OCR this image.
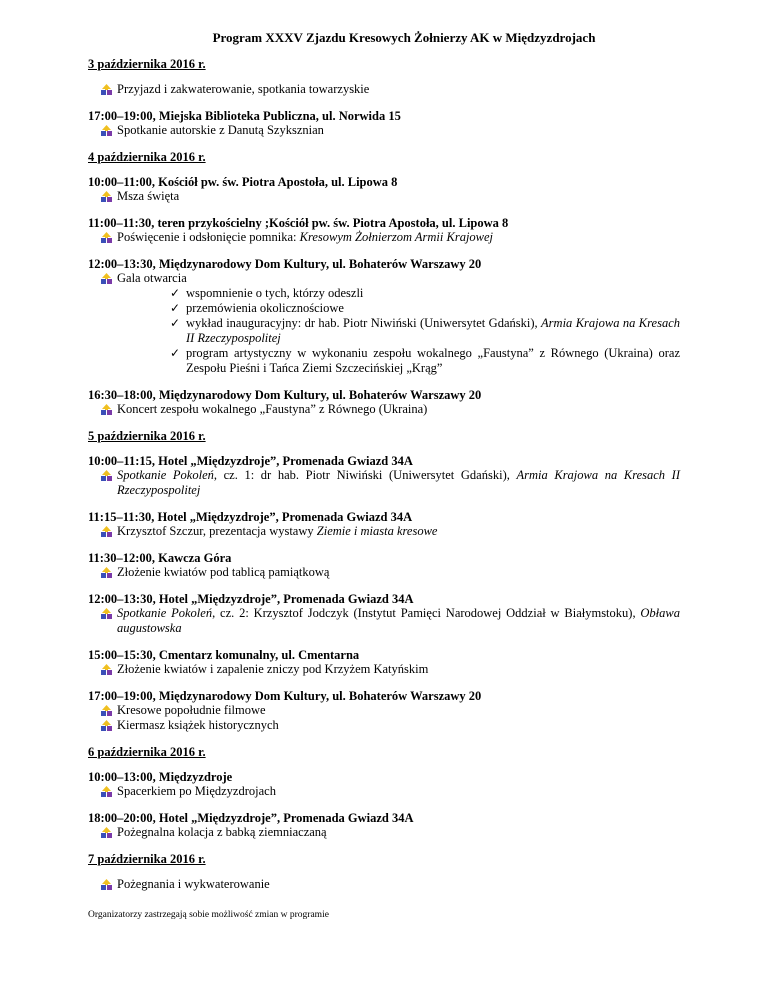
Program XXXV Zjazdu Kresowych Żołnierzy AK w Międzyzdrojach
3 października 2016 r.
Przyjazd i zakwaterowanie, spotkania towarzyskie
17:00–19:00, Miejska Biblioteka Publiczna, ul. Norwida 15
Spotkanie autorskie z Danutą Szyksznian
4 października 2016 r.
10:00–11:00, Kościół pw. św. Piotra Apostoła, ul. Lipowa 8
Msza święta
11:00–11:30, teren przykościelny ;Kościół pw. św. Piotra Apostoła, ul. Lipowa 8
Poświęcenie i odsłonięcie pomnika: Kresowym Żołnierzom Armii Krajowej
12:00–13:30, Międzynarodowy Dom Kultury, ul. Bohaterów Warszawy 20
Gala otwarcia
✓ wspomnienie o tych, którzy odeszli
✓ przemówienia okolicznościowe
✓ wykład inauguracyjny: dr hab. Piotr Niwiński (Uniwersytet Gdański), Armia Krajowa na Kresach II Rzeczypospolitej
✓ program artystyczny w wykonaniu zespołu wokalnego „Faustyna” z Równego (Ukraina) oraz Zespołu Pieśni i Tańca Ziemi Szczecińskiej „Krąg”
16:30–18:00, Międzynarodowy Dom Kultury, ul. Bohaterów Warszawy 20
Koncert zespołu wokalnego „Faustyna” z Równego (Ukraina)
5 października 2016 r.
10:00–11:15, Hotel „Międzyzdroje”, Promenada Gwiazd 34A
Spotkanie Pokoleń, cz. 1: dr hab. Piotr Niwiński (Uniwersytet Gdański), Armia Krajowa na Kresach II Rzeczypospolitej
11:15–11:30, Hotel „Międzyzdroje”, Promenada Gwiazd 34A
Krzysztof Szczur, prezentacja wystawy Ziemie i miasta kresowe
11:30–12:00, Kawcza Góra
Złożenie kwiatów pod tablicą pamiątkową
12:00–13:30, Hotel „Międzyzdroje”, Promenada Gwiazd 34A
Spotkanie Pokoleń, cz. 2: Krzysztof Jodczyk (Instytut Pamięci Narodowej Oddział w Białymstoku), Obława augustowska
15:00–15:30, Cmentarz komunalny, ul. Cmentarna
Złożenie kwiatów i zapalenie zniczy pod Krzyżem Katyńskim
17:00–19:00, Międzynarodowy Dom Kultury, ul. Bohaterów Warszawy 20
Kresowe popołudnie filmowe
Kiermasz książek historycznych
6 października 2016 r.
10:00–13:00, Międzyzdroje
Spacerkiem po Międzyzdrojach
18:00–20:00, Hotel „Międzyzdroje”, Promenada Gwiazd 34A
Pożegnalna kolacja z babką ziemniaczaną
7 października 2016 r.
Pożegnania i wykwaterowanie
Organizatorzy zastrzegają sobie możliwość zmian w programie
